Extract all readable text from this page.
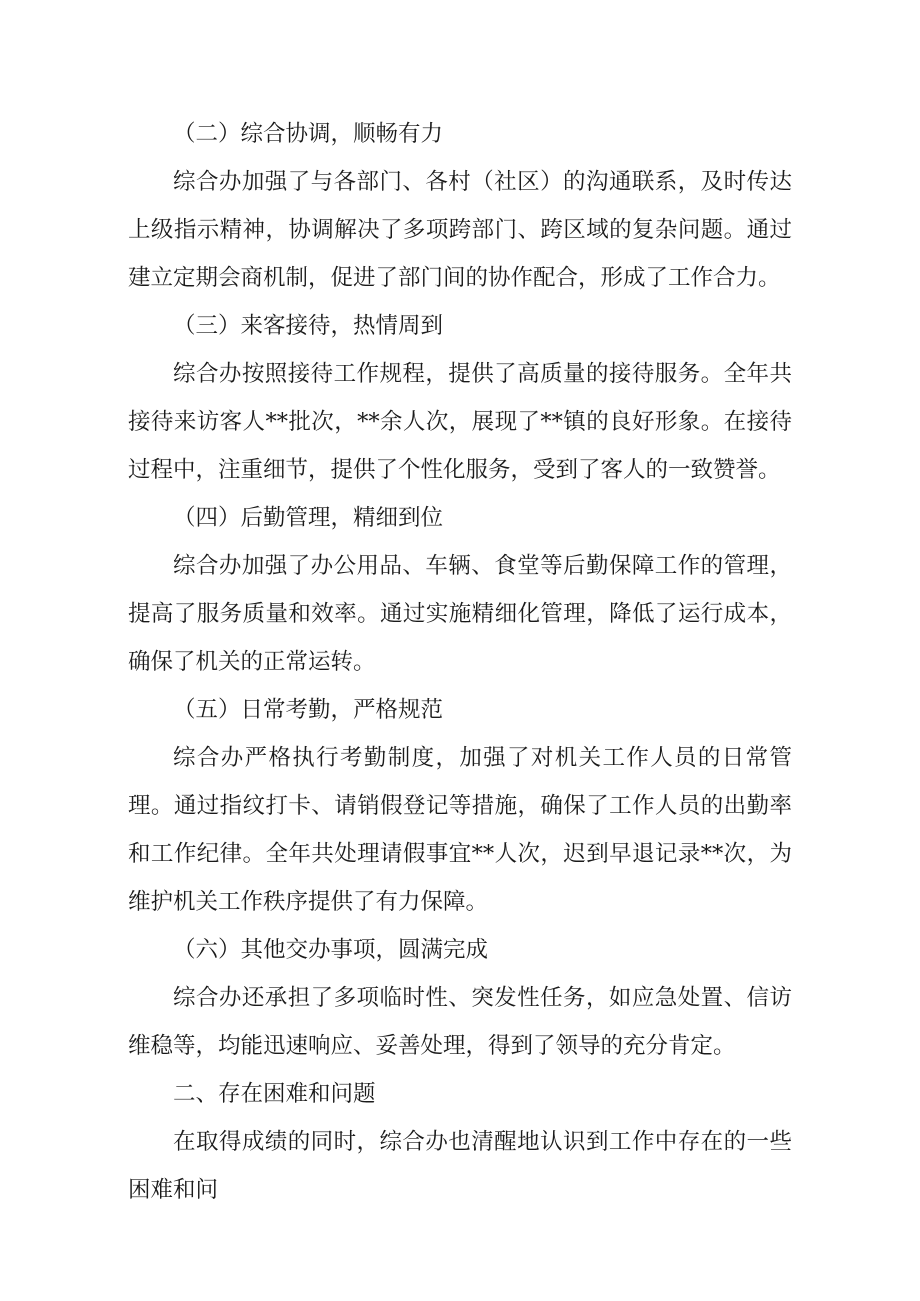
（二）综合协调，顺畅有力

综合办加强了与各部门、各村（社区）的沟通联系，及时传达上级指示精神，协调解决了多项跨部门、跨区域的复杂问题。通过建立定期会商机制，促进了部门间的协作配合，形成了工作合力。

（三）来客接待，热情周到

综合办按照接待工作规程，提供了高质量的接待服务。全年共接待来访客人**批次，**余人次，展现了**镇的良好形象。在接待过程中，注重细节，提供了个性化服务，受到了客人的一致赞誉。

（四）后勤管理，精细到位

综合办加强了办公用品、车辆、食堂等后勤保障工作的管理，提高了服务质量和效率。通过实施精细化管理，降低了运行成本，确保了机关的正常运转。

（五）日常考勤，严格规范

综合办严格执行考勤制度，加强了对机关工作人员的日常管理。通过指纹打卡、请销假登记等措施，确保了工作人员的出勤率和工作纪律。全年共处理请假事宜**人次，迟到早退记录**次，为维护机关工作秩序提供了有力保障。

（六）其他交办事项，圆满完成

综合办还承担了多项临时性、突发性任务，如应急处置、信访维稳等，均能迅速响应、妥善处理，得到了领导的充分肯定。

二、存在困难和问题

在取得成绩的同时，综合办也清醒地认识到工作中存在的一些困难和问
